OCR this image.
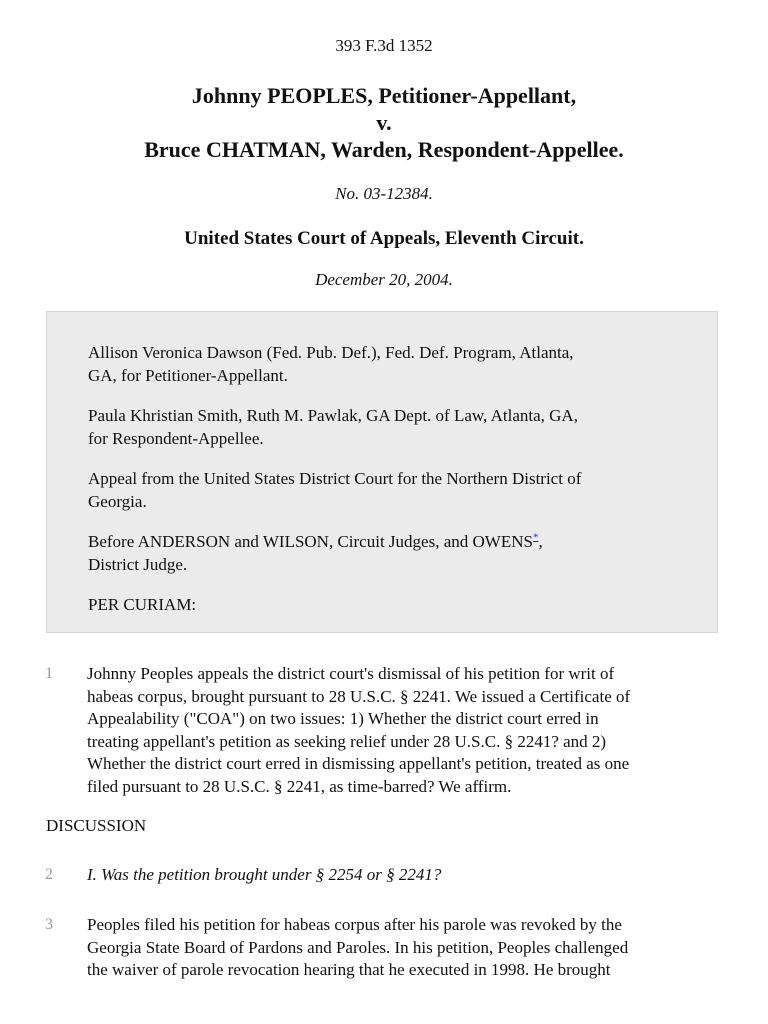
393 F.3d 1352
Johnny PEOPLES, Petitioner-Appellant,
v.
Bruce CHATMAN, Warden, Respondent-Appellee.
No. 03-12384.
United States Court of Appeals, Eleventh Circuit.
December 20, 2004.
Allison Veronica Dawson (Fed. Pub. Def.), Fed. Def. Program, Atlanta,
GA, for Petitioner-Appellant.
Paula Khristian Smith, Ruth M. Pawlak, GA Dept. of Law, Atlanta, GA,
for Respondent-Appellee.
Appeal from the United States District Court for the Northern District of
Georgia.
Before ANDERSON and WILSON, Circuit Judges, and OWENS*,
District Judge.
PER CURIAM:
1 Johnny Peoples appeals the district court's dismissal of his petition for writ of
habeas corpus, brought pursuant to 28 U.S.C. § 2241. We issued a Certificate of
Appealability ("COA") on two issues: 1) Whether the district court erred in
treating appellant's petition as seeking relief under 28 U.S.C. § 2241? and 2)
Whether the district court erred in dismissing appellant's petition, treated as one
filed pursuant to 28 U.S.C. § 2241, as time-barred? We affirm.
DISCUSSION
2 I. Was the petition brought under § 2254 or § 2241?
3 Peoples filed his petition for habeas corpus after his parole was revoked by the
Georgia State Board of Pardons and Paroles. In his petition, Peoples challenged
the waiver of parole revocation hearing that he executed in 1998. He brought
